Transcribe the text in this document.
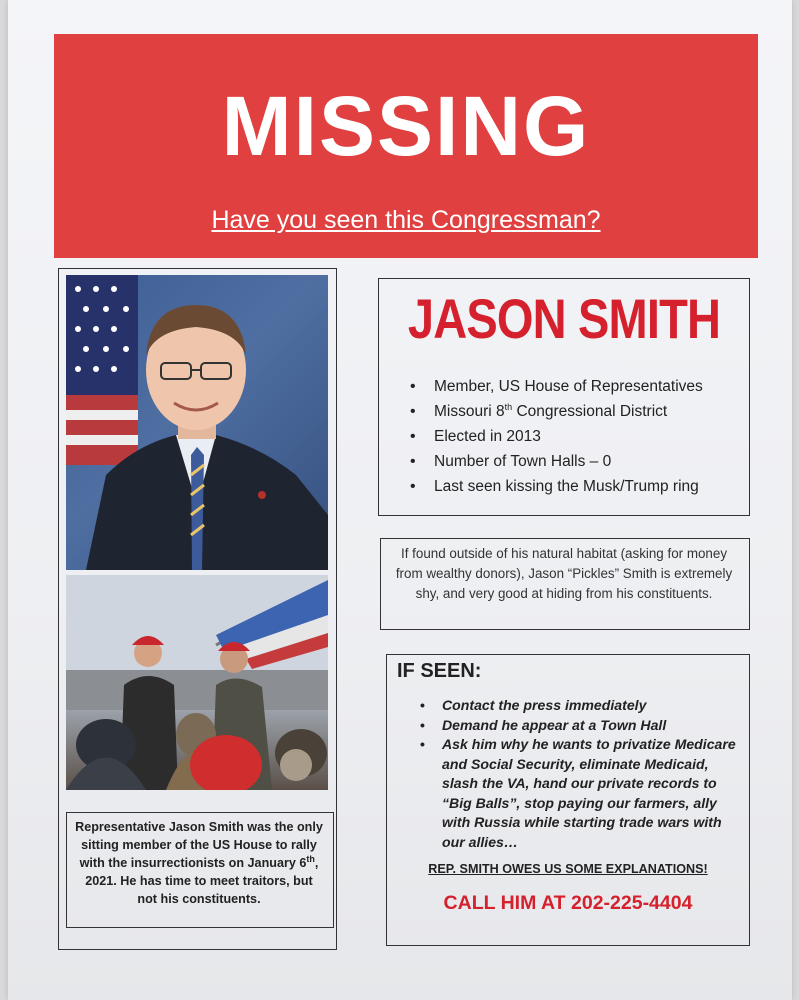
MISSING
Have you seen this Congressman?
Representative Jason Smith was the only sitting member of the US House to rally with the insurrectionists on January 6th, 2021. He has time to meet traitors, but not his constituents.
JASON SMITH
• Member, US House of Representatives
• Missouri 8th Congressional District
• Elected in 2013
• Number of Town Halls – 0
• Last seen kissing the Musk/Trump ring
If found outside of his natural habitat (asking for money from wealthy donors), Jason “Pickles” Smith is extremely shy, and very good at hiding from his constituents.
IF SEEN:
• Contact the press immediately
• Demand he appear at a Town Hall
• Ask him why he wants to privatize Medicare and Social Security, eliminate Medicaid, slash the VA, hand our private records to “Big Balls”, stop paying our farmers, ally with Russia while starting trade wars with our allies…
REP. SMITH OWES US SOME EXPLANATIONS!
CALL HIM AT 202-225-4404
